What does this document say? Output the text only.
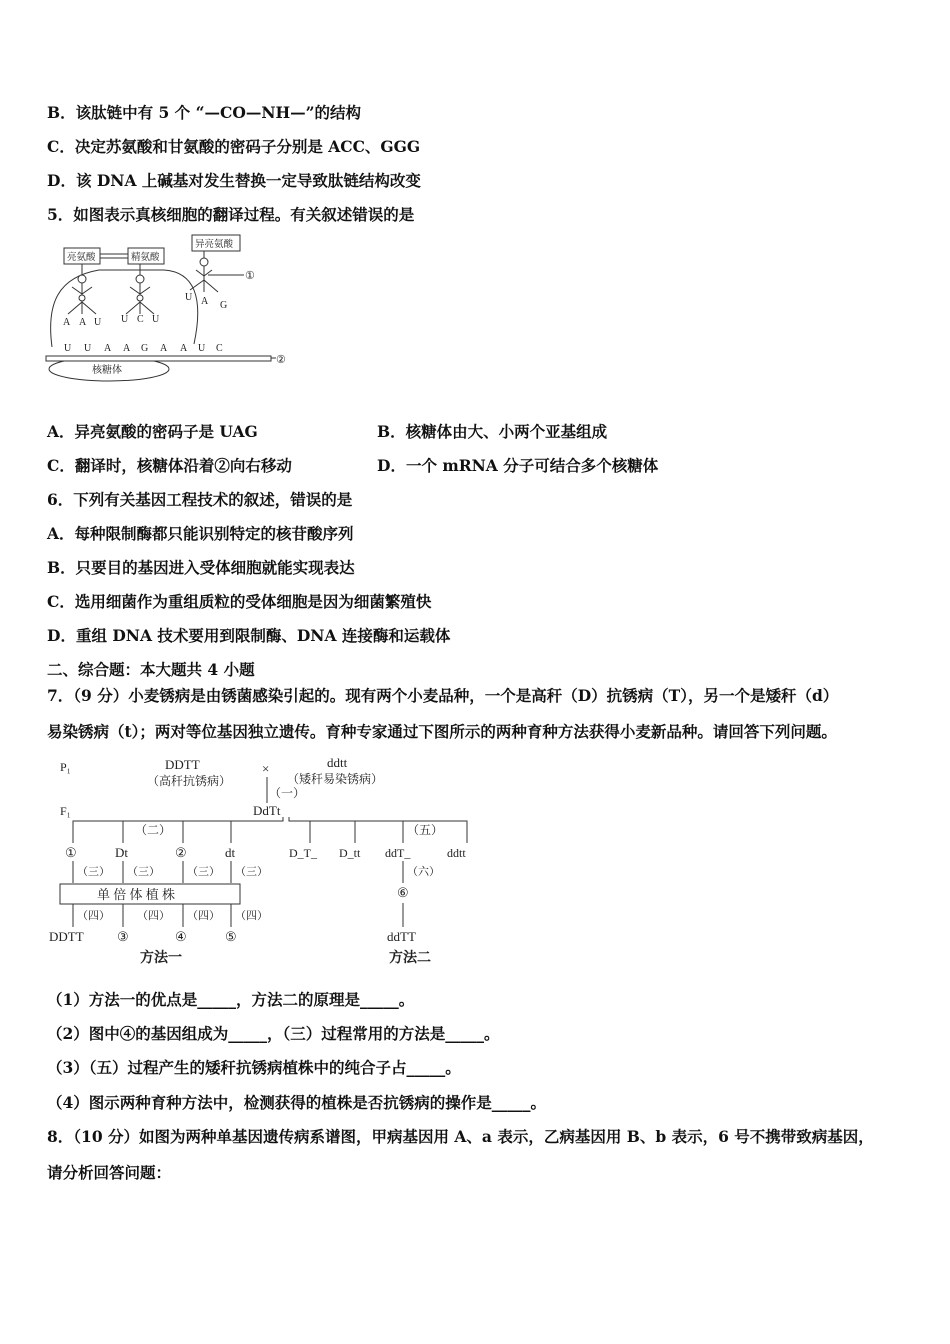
B．该肽链中有 5 个 “—CO—NH—”的结构
C．决定苏氨酸和甘氨酸的密码子分别是 ACC、GGG
D．该 DNA 上碱基对发生替换一定导致肽链结构改变
5．如图表示真核细胞的翻译过程。有关叙述错误的是
核糖体
②
U U A A G A A U C
亮氨酸
A A U
精氨酸
U C U
异亮氨酸
①
U A G
A．异亮氨酸的密码子是 UAG	B．核糖体由大、小两个亚基组成
C．翻译时，核糖体沿着②向右移动	D．一个 mRNA 分子可结合多个核糖体
6．下列有关基因工程技术的叙述，错误的是
A．每种限制酶都只能识别特定的核苷酸序列
B．只要目的基因进入受体细胞就能实现表达
C．选用细菌作为重组质粒的受体细胞是因为细菌繁殖快
D．重组 DNA 技术要用到限制酶、DNA 连接酶和运载体
二、综合题：本大题共 4 小题
7．（9 分）小麦锈病是由锈菌感染引起的。现有两个小麦品种，一个是高秆（D）抗锈病（T），另一个是矮秆（d）
易染锈病（t）；两对等位基因独立遗传。育种专家通过下图所示的两种育种方法获得小麦新品种。请回答下列问题。
P₁	DDTT
（高秆抗锈病）
×	ddtt
（矮秆易染锈病）
（一）
F₁	DdTt
（二）
①	Dt	②	dt
（三） （三） （三） （三）
单 倍 体 植 株
（四） （四） （四） （四）
DDTT	③	④	⑤
方法一
（五）
D_T_ D_tt ddT_	ddtt
（六）
⑥
ddTT
方法二
（1）方法一的优点是_____，方法二的原理是_____。
（2）图中④的基因组成为_____，（三）过程常用的方法是_____。
（3）（五）过程产生的矮秆抗锈病植株中的纯合子占_____。
（4）图示两种育种方法中，检测获得的植株是否抗锈病的操作是_____。
8．（10 分）如图为两种单基因遗传病系谱图，甲病基因用 A、a 表示，乙病基因用 B、b 表示，6 号不携带致病基因，
请分析回答问题：
